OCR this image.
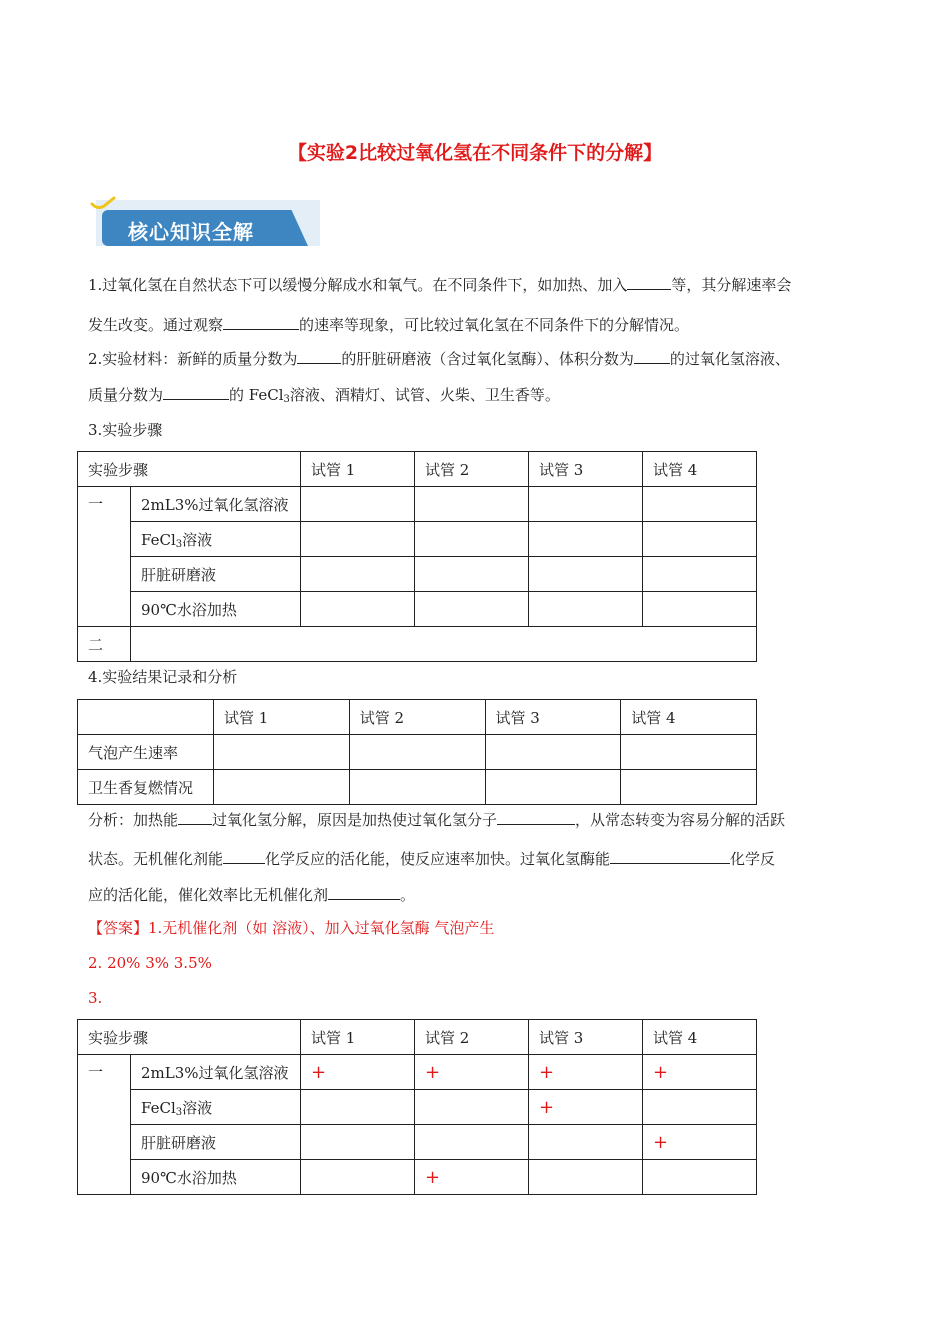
【实验2比较过氧化氢在不同条件下的分解】
核心知识全解
1.过氧化氢在自然状态下可以缓慢分解成水和氧气。在不同条件下，如加热、加入	等，其分解速率会
发生改变。通过观察	的速率等现象，可比较过氧化氢在不同条件下的分解情况。
2.实验材料：新鲜的质量分数为	的肝脏研磨液（含过氧化氢酶）、体积分数为 的过氧化氢溶液、
质量分数为	的 FeCl$_3$溶液、酒精灯、试管、火柴、卫生香等。
3.实验步骤
实验步骤		试管 1	试管 2	试管 3	试管 4
一	2mL3%过氧化氢溶液				
	FeCl$_3$溶液				
	肝脏研磨液				
	90℃水浴加热				
二					
4.实验结果记录和分析
	试管 1	试管 2	试管 3	试管 4
气泡产生速率				
卫生香复燃情况				
分析：加热能 过氧化氢分解，原因是加热使过氧化氢分子	，从常态转变为容易分解的活跃
状态。无机催化剂能	化学反应的活化能，使反应速率加快。过氧化氢酶能	化学反
应的活化能，催化效率比无机催化剂	。
【答案】1.无机催化剂（如 溶液）、加入过氧化氢酶 气泡产生
2. 20% 3% 3.5%
3.
实验步骤		试管 1	试管 2	试管 3	试管 4
一	2mL3%过氧化氢溶液	+	+	+	+
	FeCl$_3$溶液			+	
	肝脏研磨液				+
	90℃水浴加热		+		
